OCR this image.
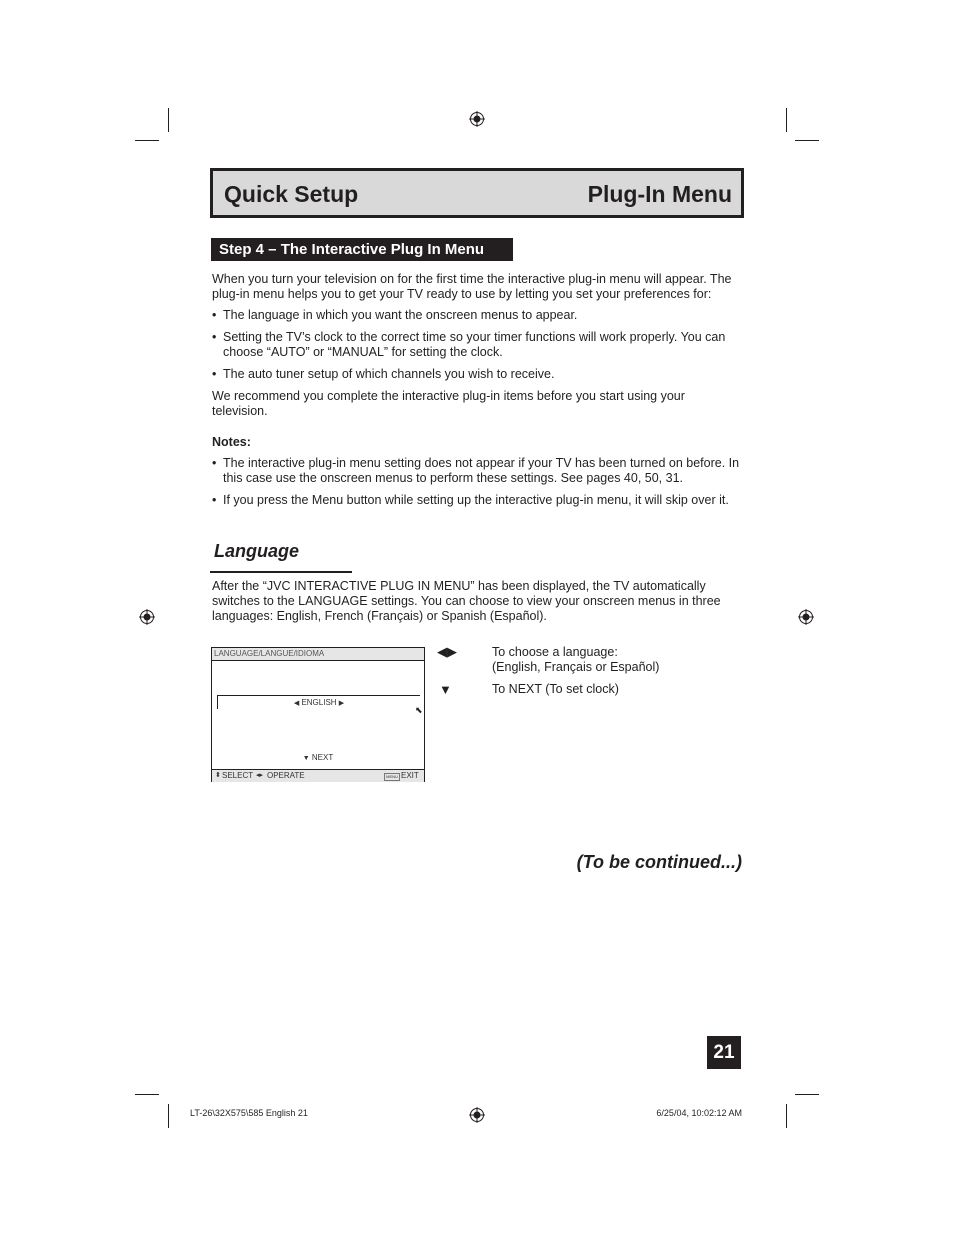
Quick Setup	Plug-In Menu
Step 4 – The Interactive Plug In Menu
When you turn your television on for the first time the interactive plug-in menu will appear. The plug-in menu helps you to get your TV ready to use by letting you set your preferences for:
• The language in which you want the onscreen menus to appear.
• Setting the TV’s clock to the correct time so your timer functions will work properly. You can choose “AUTO” or “MANUAL” for setting the clock.
• The auto tuner setup of which channels you wish to receive.
We recommend you complete the interactive plug-in items before you start using your television.
Notes:
• The interactive plug-in menu setting does not appear if your TV has been turned on before. In this case use the onscreen menus to perform these settings. See pages 40, 50, 31.
• If you press the Menu button while setting up the interactive plug-in menu, it will skip over it.
Language
After the “JVC INTERACTIVE PLUG IN MENU” has been displayed, the TV automatically switches to the LANGUAGE settings. You can choose to view your onscreen menus in three languages: English, French (Français) or Spanish (Español).
LANGUAGE/LANGUE/IDIOMA
◀ ENGLISH ▶
⬉
▼ NEXT
⬍ SELECT ◂▸ OPERATE	MENU EXIT
◀▶	To choose a language:
(English, Français or Español)
▼	To NEXT (To set clock)
(To be continued...)
21
LT-26\32X575\585 English 21	6/25/04, 10:02:12 AM
